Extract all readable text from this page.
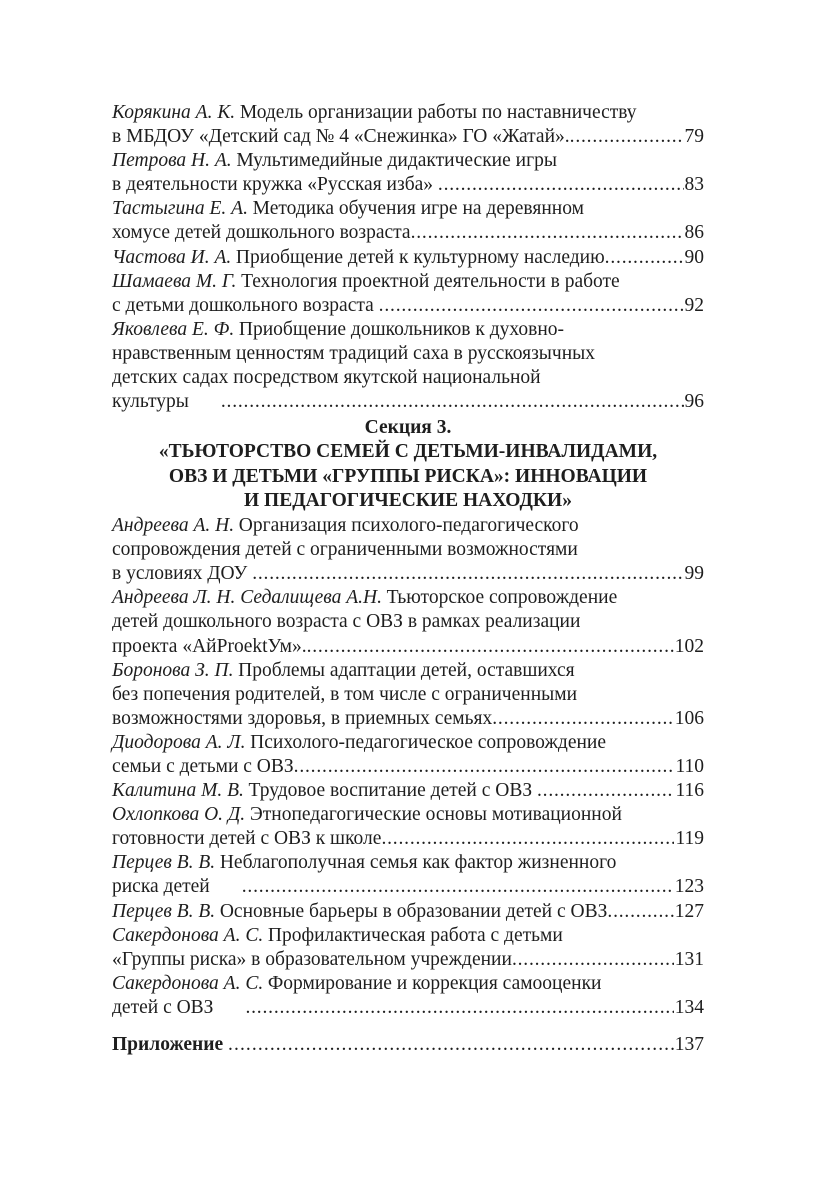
Корякина А. К. Модель организации работы по наставничеству
в МБДОУ «Детский сад № 4 «Снежинка» ГО «Жатай». .....	79
Петрова Н. А. Мультимедийные дидактические игры
в деятельности кружка «Русская изба» .....	83
Тастыгина Е. А. Методика обучения игре на деревянном
хомусе детей дошкольного возраста .....	86
Частова И. А. Приобщение детей к культурному наследию .....	90
Шамаева М. Г. Технология проектной деятельности в работе
с детьми дошкольного возраста .....	92
Яковлева Е. Ф. Приобщение дошкольников к духовно-
нравственным ценностям традиций саха в русскоязычных
детских садах посредством якутской национальной
культуры .....	96
Секция 3.
«ТЬЮТОРСТВО СЕМЕЙ С ДЕТЬМИ-ИНВАЛИДАМИ,
ОВЗ И ДЕТЬМИ «ГРУППЫ РИСКА»: ИННОВАЦИИ
И ПЕДАГОГИЧЕСКИЕ НАХОДКИ»
Андреева А. Н. Организация психолого-педагогического
сопровождения детей с ограниченными возможностями
в условиях ДОУ .....	99
Андреева Л. Н. Седалищева А.Н. Тьюторское сопровождение
детей дошкольного возраста с ОВЗ в рамках реализации
проекта «АйProektУм». .....	102
Боронова З. П. Проблемы адаптации детей, оставшихся
без попечения родителей, в том числе с ограниченными
возможностями здоровья, в приемных семьях .....	106
Диодорова А. Л. Психолого-педагогическое сопровождение
семьи с детьми с ОВЗ .....	110
Калитина М. В. Трудовое воспитание детей с ОВЗ .....	116
Охлопкова О. Д. Этнопедагогические основы мотивационной
готовности детей с ОВЗ к школе .....	119
Перцев В. В. Неблагополучная семья как фактор жизненного
риска детей .....	123
Перцев В. В. Основные барьеры в образовании детей с ОВЗ .....	127
Сакердонова А. С. Профилактическая работа с детьми
«Группы риска» в образовательном учреждении .....	131
Сакердонова А. С. Формирование и коррекция самооценки
детей с ОВЗ .....	134
Приложение .....	137
